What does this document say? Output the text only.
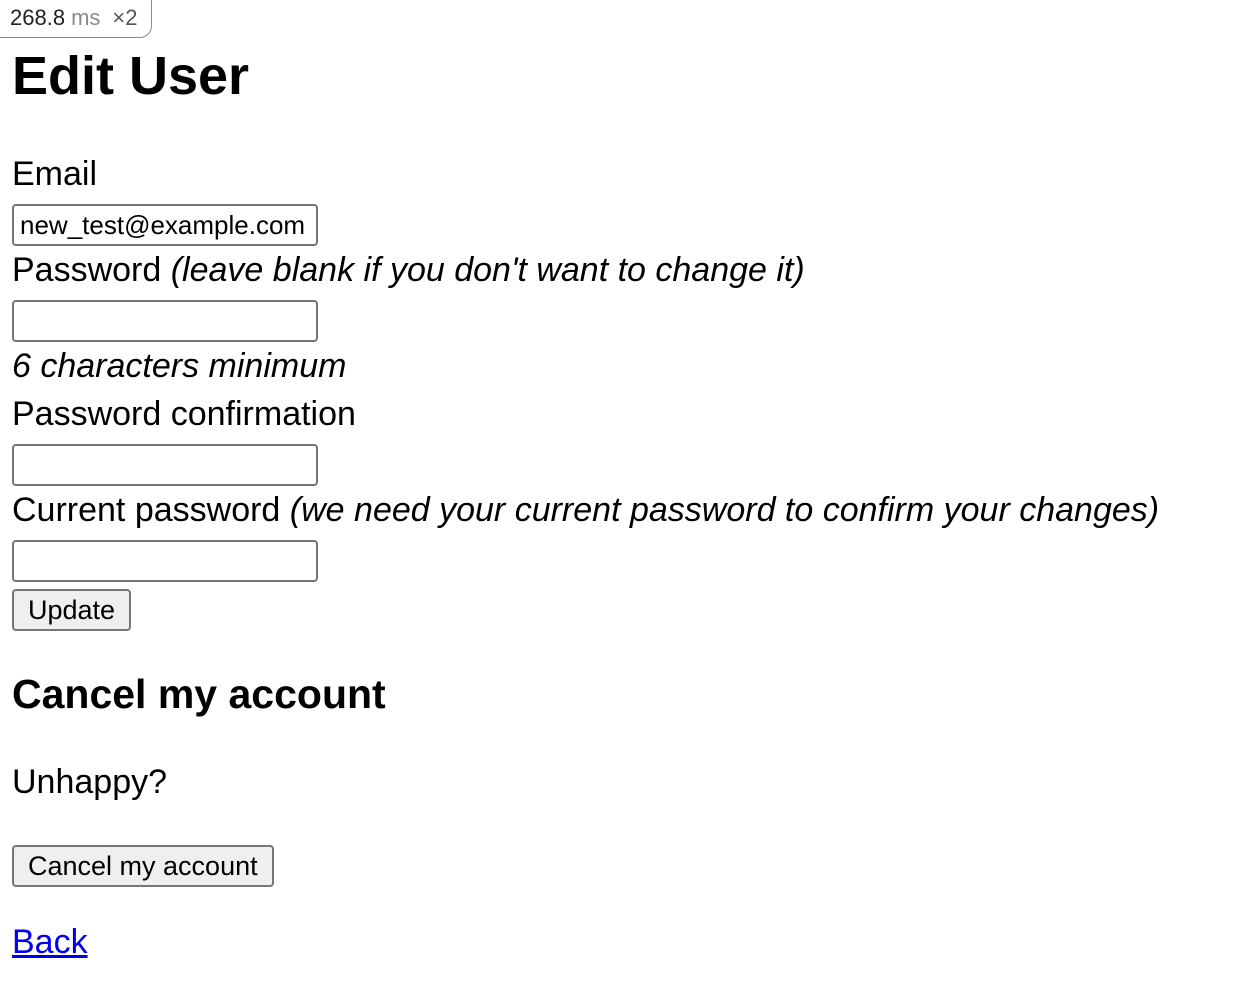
268.8 ms ×2
Edit User
Email
new_test@example.com
Password (leave blank if you don't want to change it)
6 characters minimum
Password confirmation
Current password (we need your current password to confirm your changes)
Update
Cancel my account

Unhappy?

Cancel my account
Back
